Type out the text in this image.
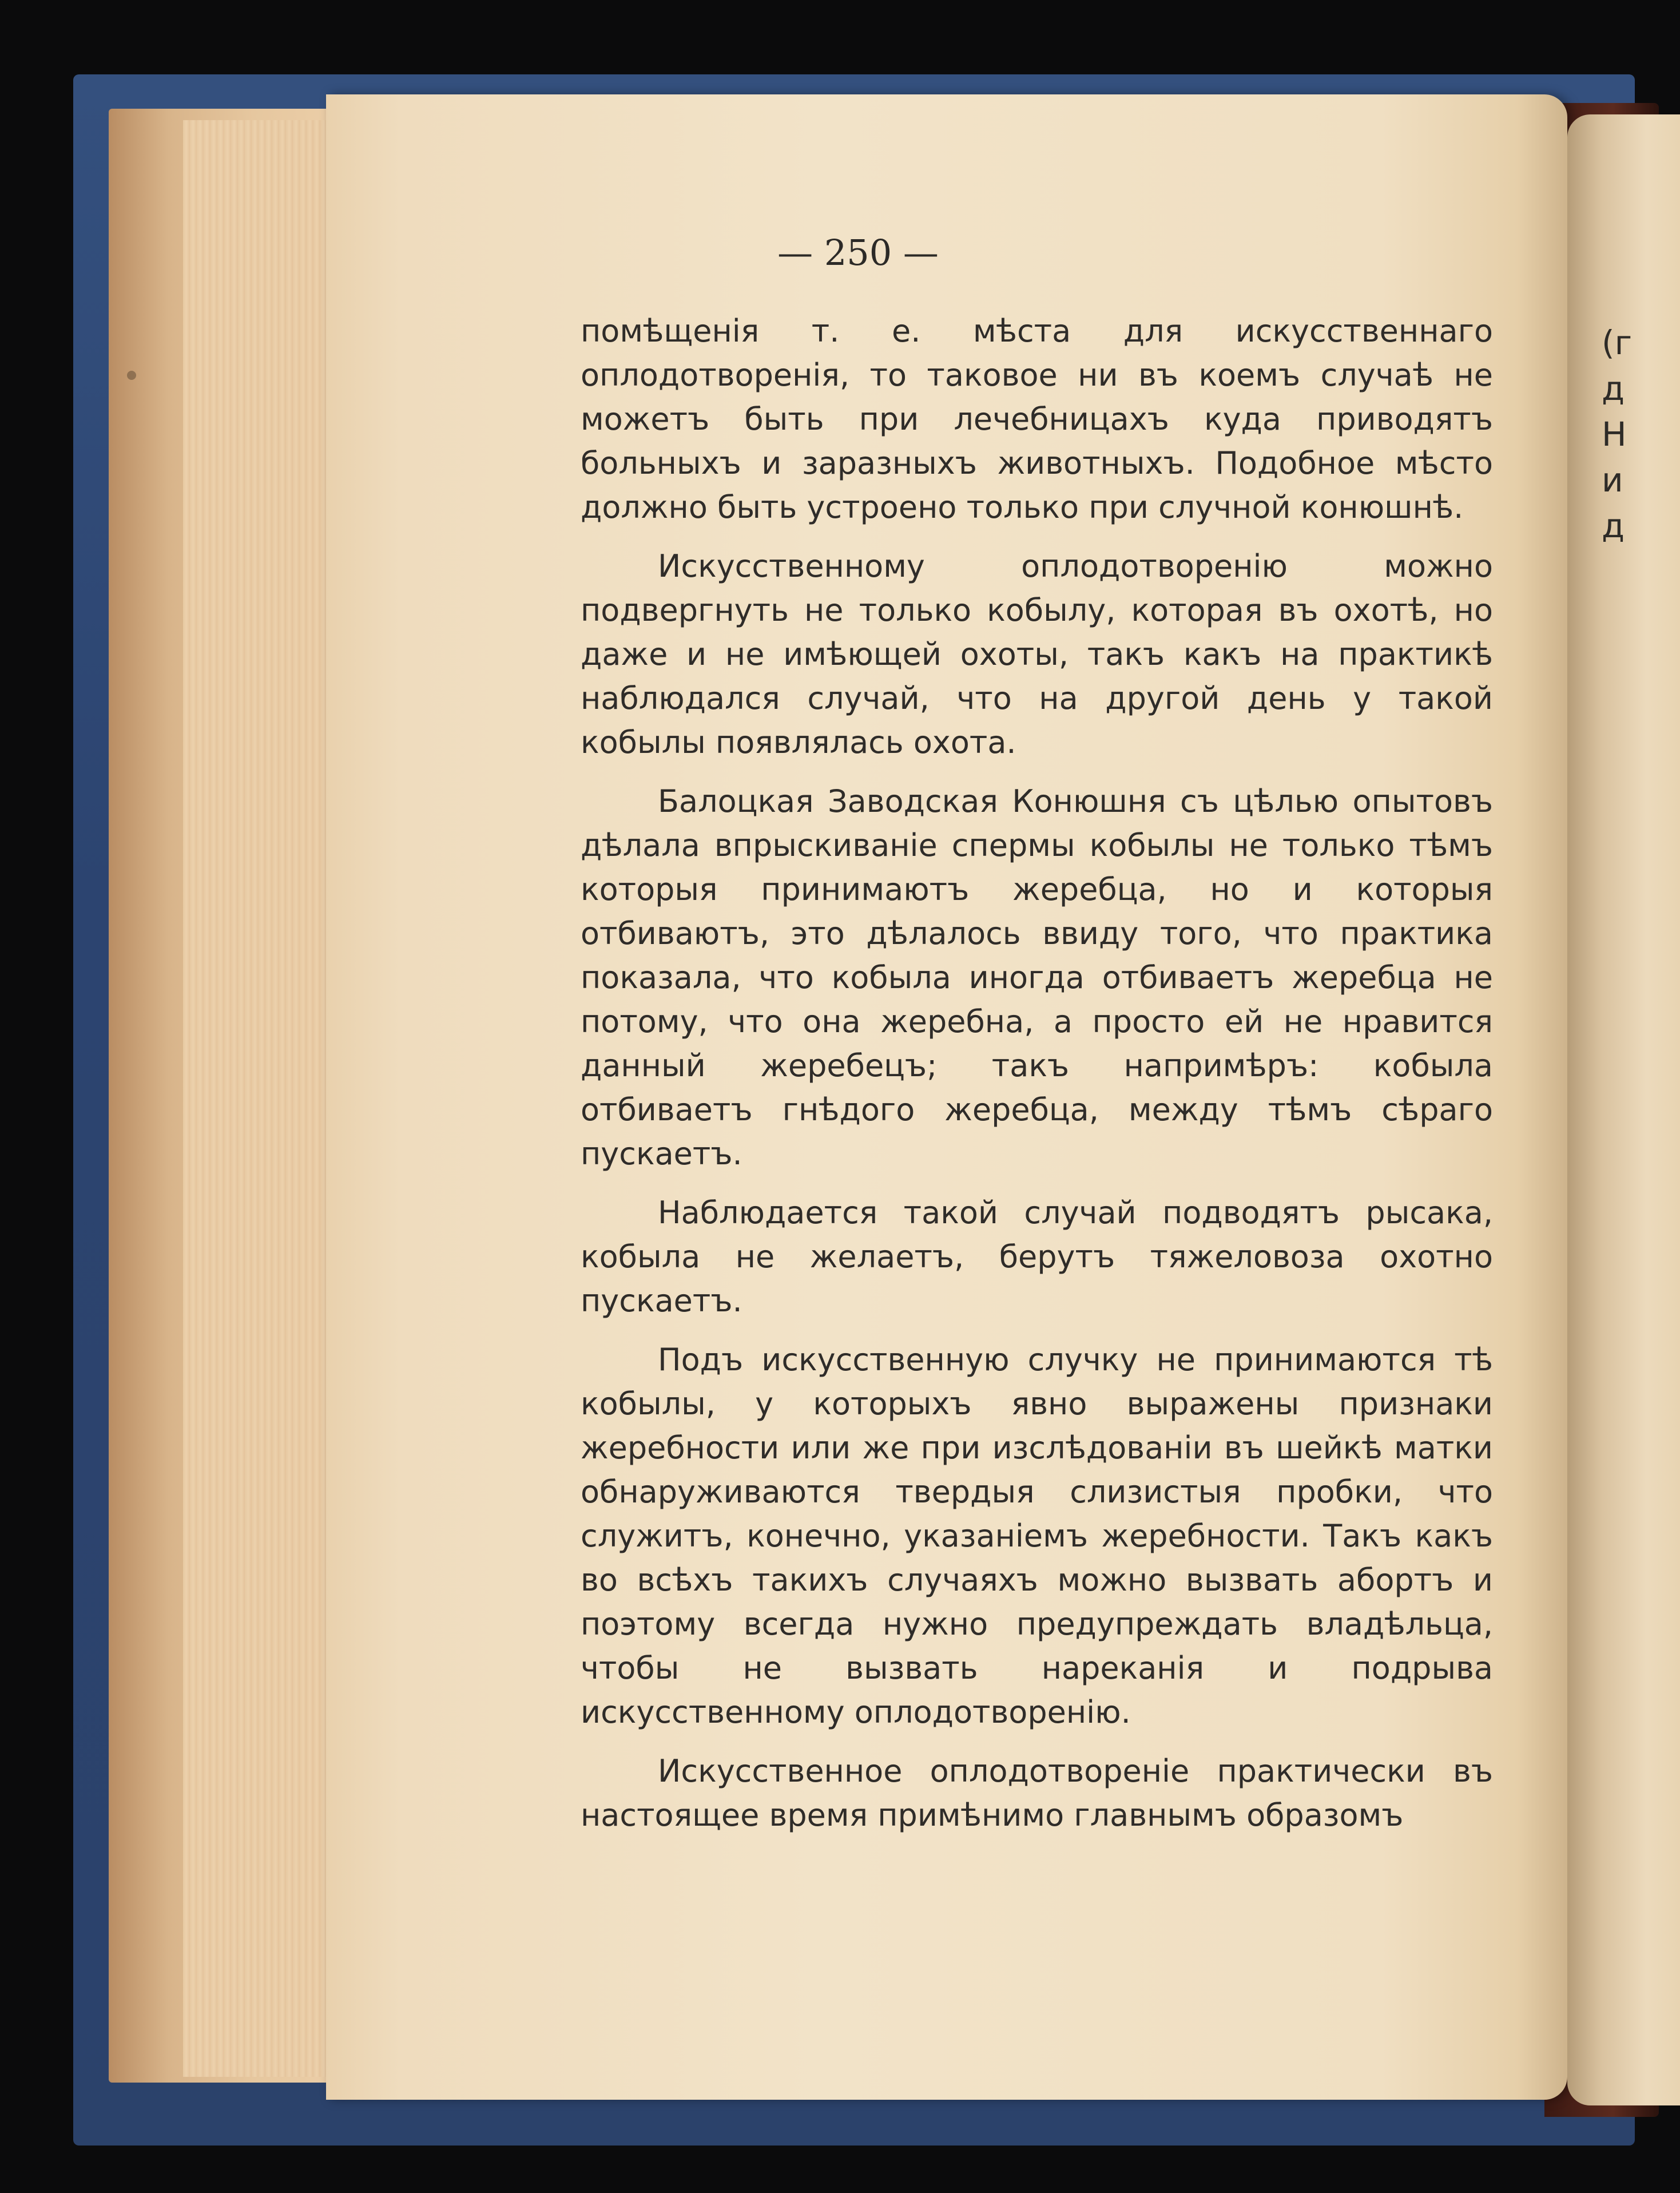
(г
д
Н
и
д
— 250 —

помѣщенія т. е. мѣста для искусственнаго оплодотворенія, то таковое ни въ коемъ случаѣ не можетъ быть при лечебницахъ куда приводятъ больныхъ и заразныхъ животныхъ. Подобное мѣсто должно быть устроено только при случной конюшнѣ.

Искусственному оплодотворенію можно подвергнуть не только кобылу, которая въ охотѣ, но даже и не имѣющей охоты, такъ какъ на практикѣ наблюдался случай, что на другой день у такой кобылы появлялась охота.

Балоцкая Заводская Конюшня съ цѣлью опытовъ дѣлала впрыскиваніе спермы кобылы не только тѣмъ которыя принимаютъ жеребца, но и которыя отбиваютъ, это дѣлалось ввиду того, что практика показала, что кобыла иногда отбиваетъ жеребца не потому, что она жеребна, а просто ей не нравится данный жеребецъ; такъ напримѣръ: кобыла отбиваетъ гнѣдого жеребца, между тѣмъ сѣраго пускаетъ.

Наблюдается такой случай подводятъ рысака, кобыла не желаетъ, берутъ тяжеловоза охотно пускаетъ.

Подъ искусственную случку не принимаются тѣ кобылы, у которыхъ явно выражены признаки жеребности или же при изслѣдованіи въ шейкѣ матки обнаруживаются твердыя слизистыя пробки, что служитъ, конечно, указаніемъ жеребности. Такъ какъ во всѣхъ такихъ случаяхъ можно вызвать абортъ и поэтому всегда нужно предупреждать владѣльца, чтобы не вызвать нареканія и подрыва искусственному оплодотворенію.

Искусственное оплодотвореніе практически въ настоящее время примѣнимо главнымъ образомъ
